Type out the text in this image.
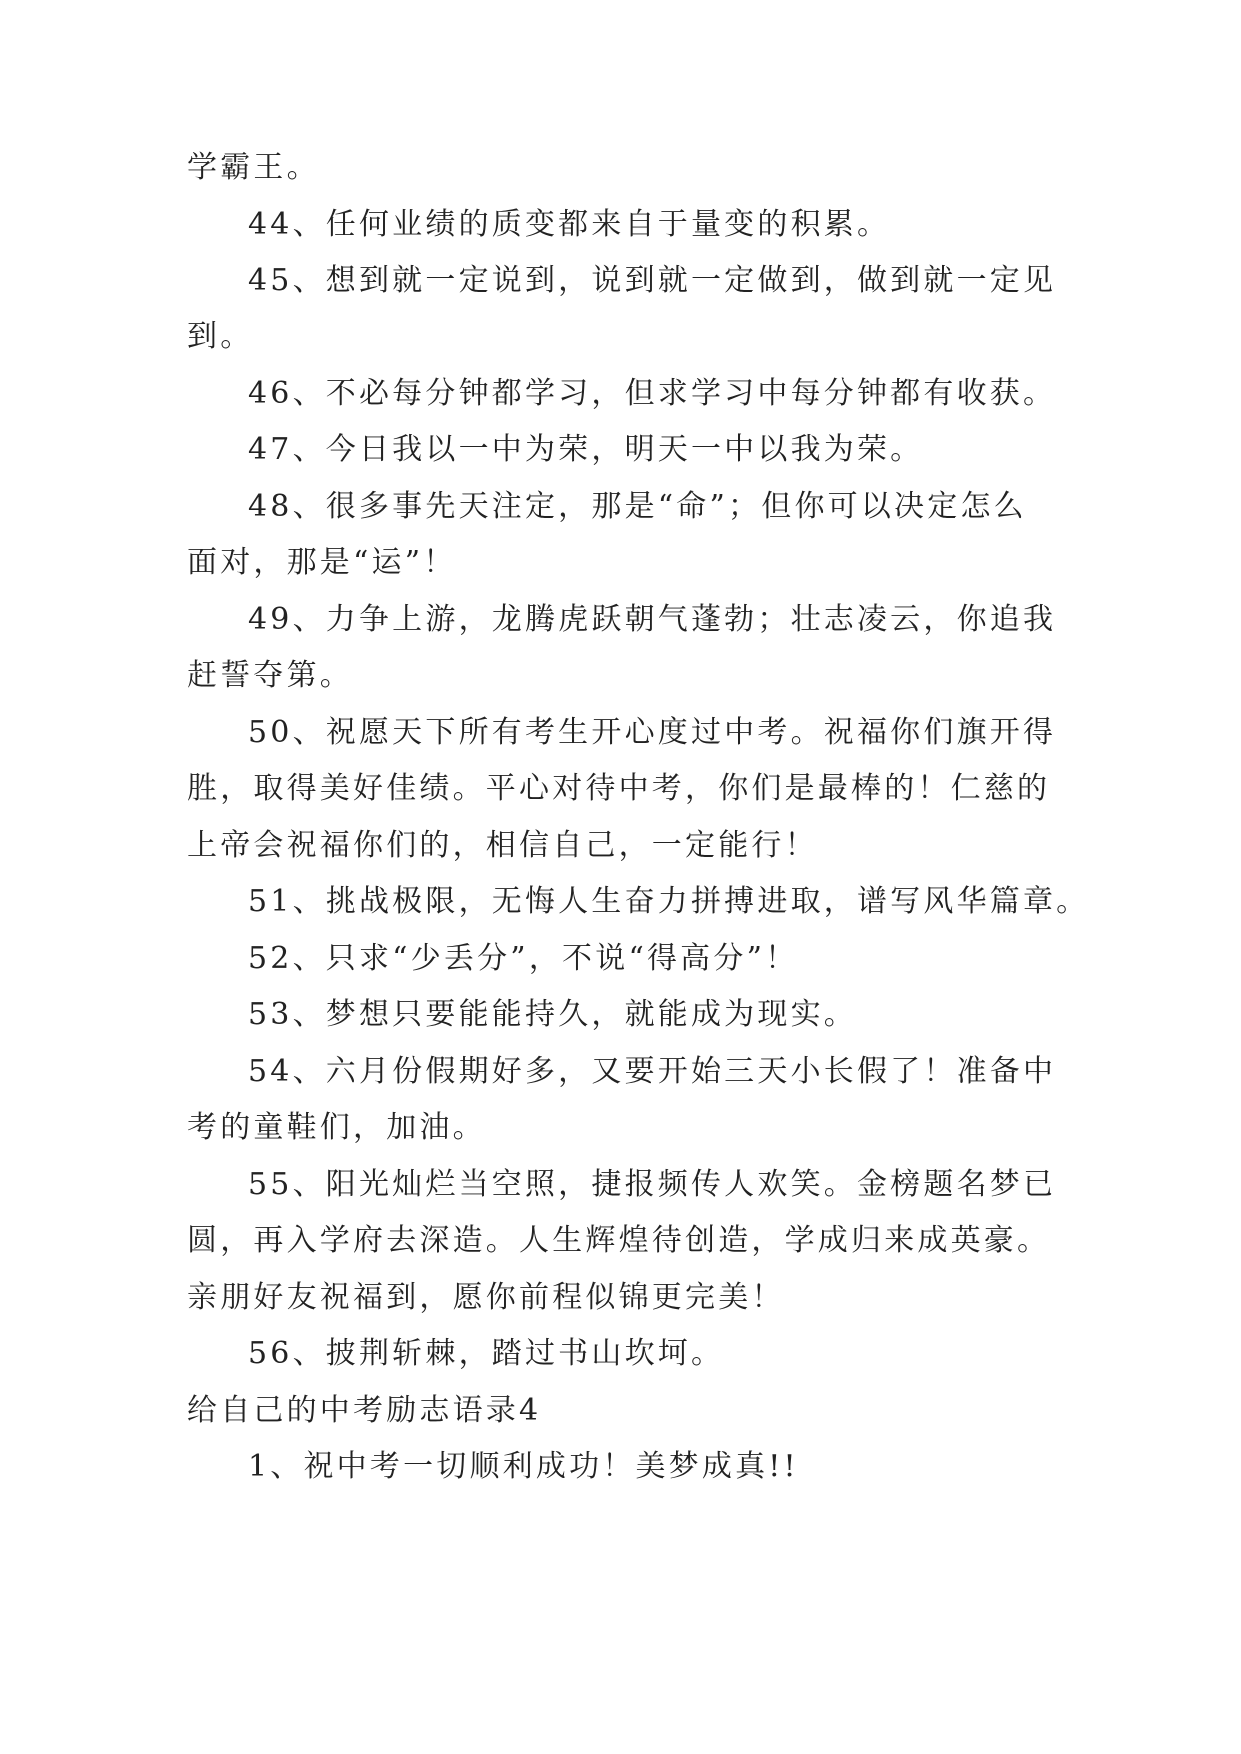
学霸王。
44、任何业绩的质变都来自于量变的积累。
45、想到就一定说到，说到就一定做到，做到就一定见
到。
46、不必每分钟都学习，但求学习中每分钟都有收获。
47、今日我以一中为荣，明天一中以我为荣。
48、很多事先天注定，那是“命”；但你可以决定怎么
面对，那是“运”！
49、力争上游，龙腾虎跃朝气蓬勃；壮志凌云，你追我
赶誓夺第。
50、祝愿天下所有考生开心度过中考。祝福你们旗开得
胜，取得美好佳绩。平心对待中考，你们是最棒的！仁慈的
上帝会祝福你们的，相信自己，一定能行！
51、挑战极限，无悔人生奋力拼搏进取，谱写风华篇章。
52、只求“少丢分”，不说“得高分”！
53、梦想只要能能持久，就能成为现实。
54、六月份假期好多，又要开始三天小长假了！准备中
考的童鞋们，加油。
55、阳光灿烂当空照，捷报频传人欢笑。金榜题名梦已
圆，再入学府去深造。人生辉煌待创造，学成归来成英豪。
亲朋好友祝福到，愿你前程似锦更完美！
56、披荆斩棘，踏过书山坎坷。
给自己的中考励志语录4
1、祝中考一切顺利成功！美梦成真!!
